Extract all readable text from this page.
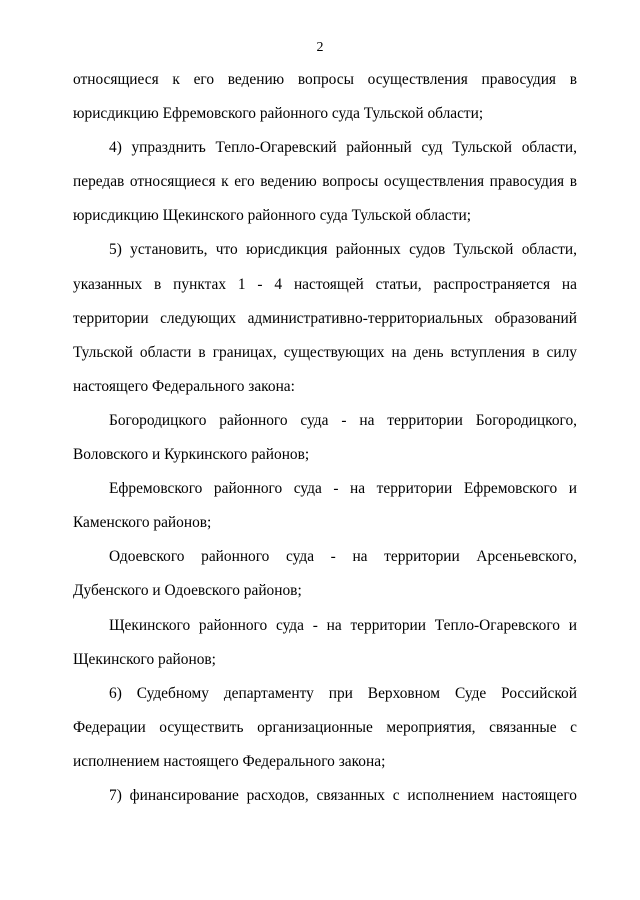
2

относящиеся к его ведению вопросы осуществления правосудия в юрисдикцию Ефремовского районного суда Тульской области;

4) упразднить Тепло-Огаревский районный суд Тульской области, передав относящиеся к его ведению вопросы осуществления правосудия в юрисдикцию Щекинского районного суда Тульской области;

5) установить, что юрисдикция районных судов Тульской области, указанных в пунктах 1 - 4 настоящей статьи, распространяется на территории следующих административно-территориальных образований Тульской области в границах, существующих на день вступления в силу настоящего Федерального закона:

Богородицкого районного суда - на территории Богородицкого, Воловского и Куркинского районов;

Ефремовского районного суда - на территории Ефремовского и Каменского районов;

Одоевского районного суда - на территории Арсеньевского, Дубенского и Одоевского районов;

Щекинского районного суда - на территории Тепло-Огаревского и Щекинского районов;

6) Судебному департаменту при Верховном Суде Российской Федерации осуществить организационные мероприятия, связанные с исполнением настоящего Федерального закона;

7) финансирование расходов, связанных с исполнением настоящего
